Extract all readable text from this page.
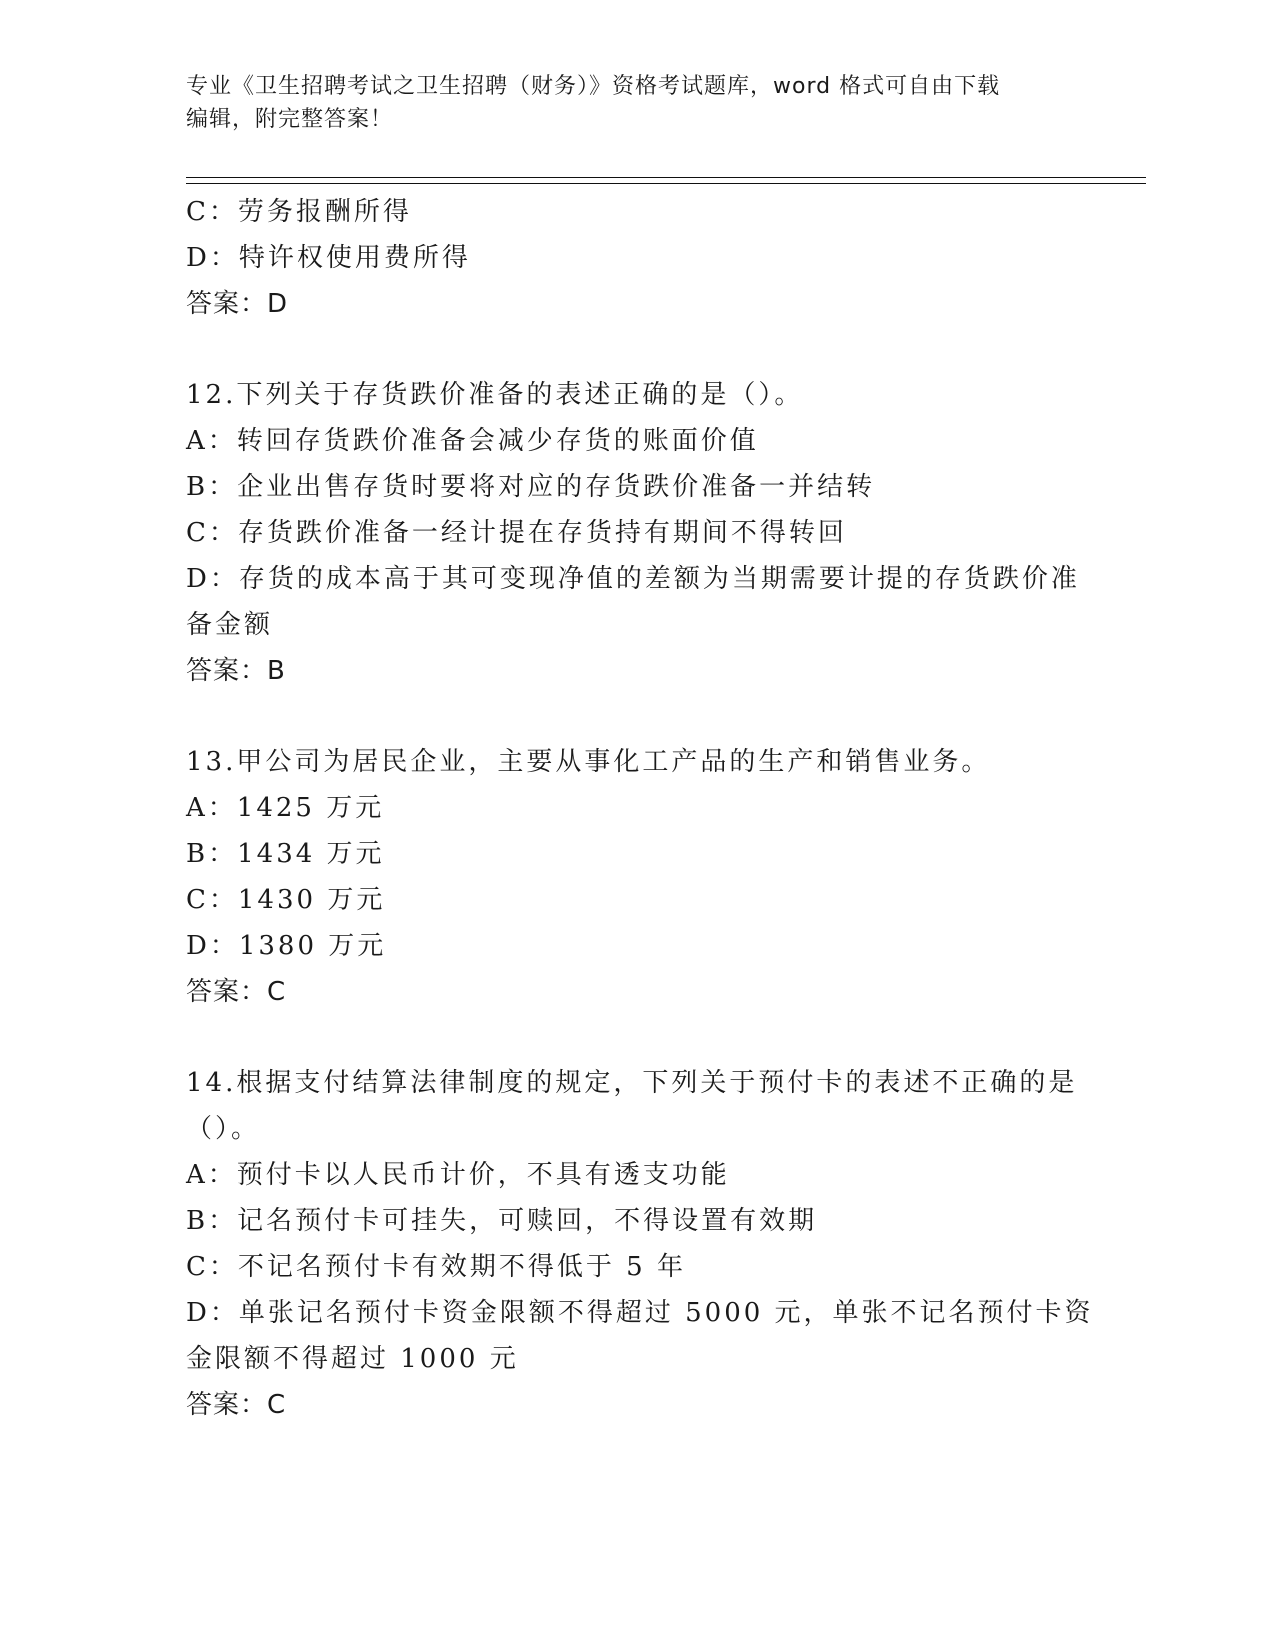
专业《卫生招聘考试之卫生招聘（财务）》资格考试题库，word 格式可自由下载
编辑，附完整答案！
C：劳务报酬所得
D：特许权使用费所得
答案：D
12.下列关于存货跌价准备的表述正确的是（）。
A：转回存货跌价准备会减少存货的账面价值
B：企业出售存货时要将对应的存货跌价准备一并结转
C：存货跌价准备一经计提在存货持有期间不得转回
D：存货的成本高于其可变现净值的差额为当期需要计提的存货跌价准
备金额
答案：B
13.甲公司为居民企业，主要从事化工产品的生产和销售业务。
A：1425 万元
B：1434 万元
C：1430 万元
D：1380 万元
答案：C
14.根据支付结算法律制度的规定，下列关于预付卡的表述不正确的是
（）。
A：预付卡以人民币计价，不具有透支功能
B：记名预付卡可挂失，可赎回，不得设置有效期
C：不记名预付卡有效期不得低于 5 年
D：单张记名预付卡资金限额不得超过 5000 元，单张不记名预付卡资
金限额不得超过 1000 元
答案：C
